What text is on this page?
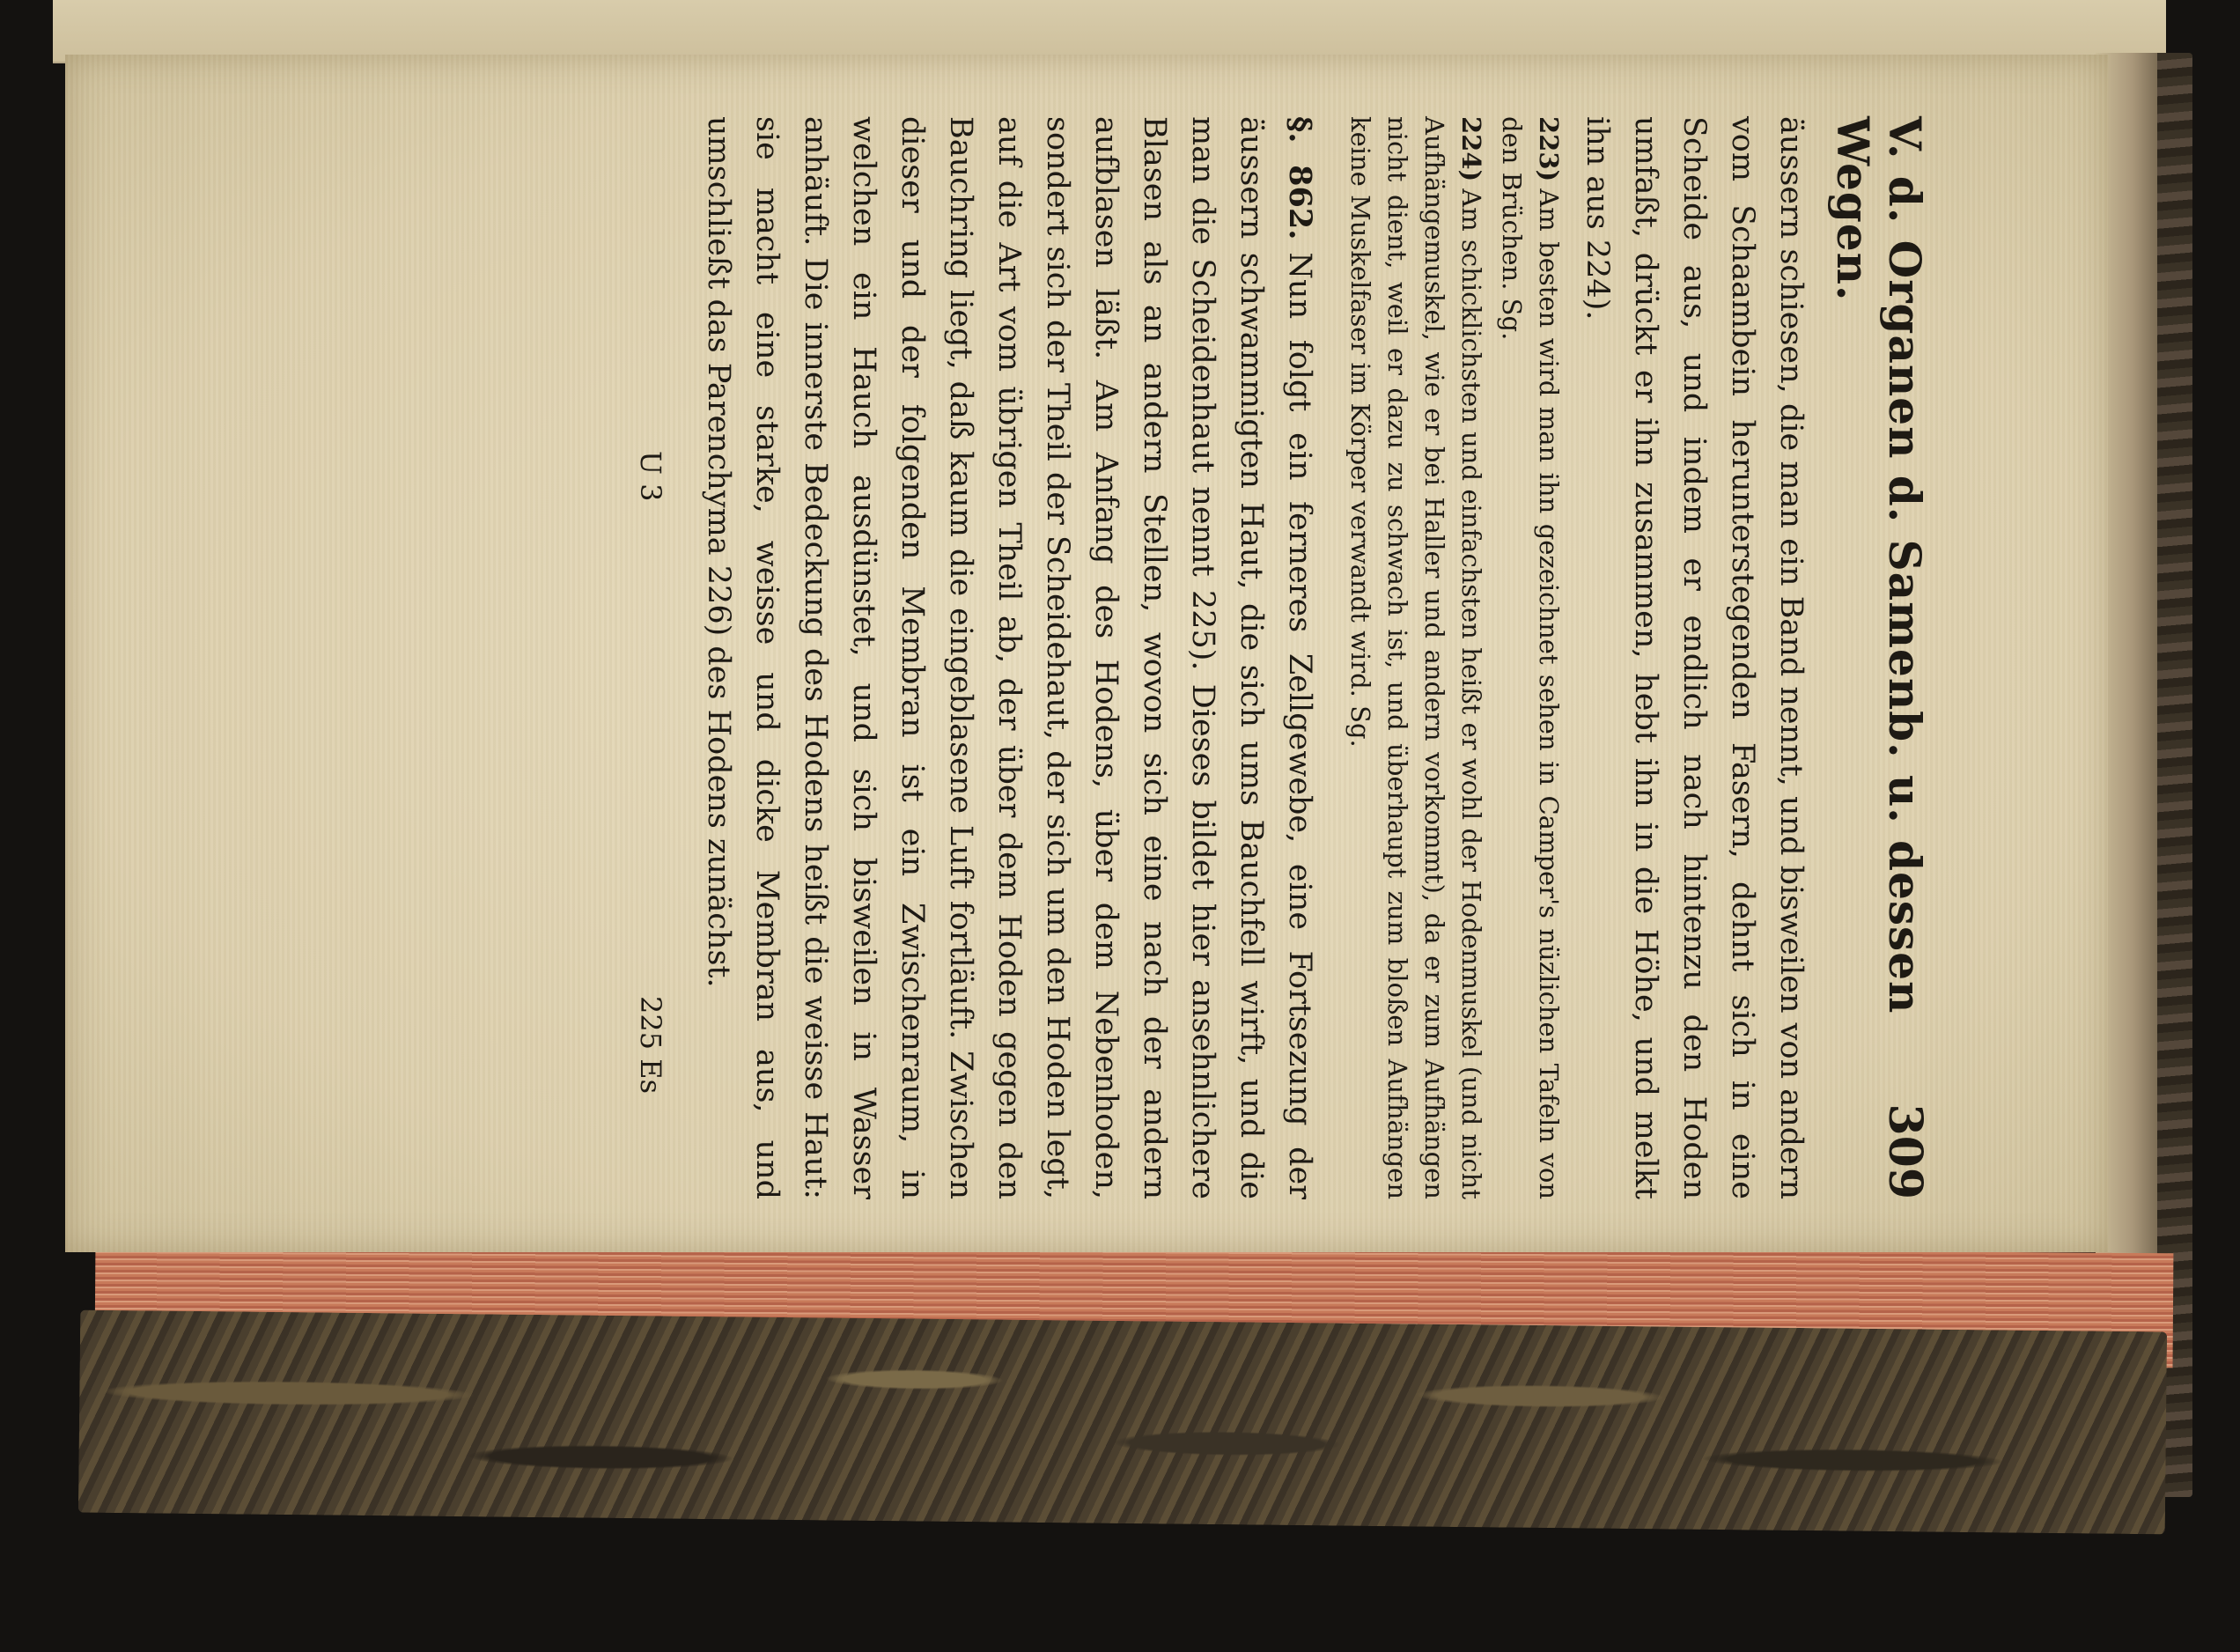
V. d. Organen d. Samenb. u. dessen Wegen.
309

äussern schiesen, die man ein Band nennt, und bisweilen von andern vom Schaambein herunterstegenden Fasern, dehnt sich in eine Scheide aus, und indem er endlich nach hintenzu den Hoden umfaßt, drückt er ihn zusammen, hebt ihn in die Höhe, und melkt ihn aus 224).

223)Am besten wird man ihn gezeichnet sehen in Camper's nüzlichen Tafeln von den Brüchen. Sg.

224)Am schicklichsten und einfachsten heißt er wohl der Hodenmuskel (und nicht Aufhängemuskel, wie er bei Haller und andern vorkommt), da er zum Aufhängen nicht dient, weil er dazu zu schwach ist, und überhaupt zum bloßen Aufhängen keine Muskelfaser im Körper verwandt wird. Sg.

§. 862.Nun folgt ein ferneres Zellgewebe, eine Fortsezung der äussern schwammigten Haut, die sich ums Bauchfell wirft, und die man die Scheidenhaut nennt 225). Dieses bildet hier ansehnlichere Blasen als an andern Stellen, wovon sich eine nach der andern aufblasen läßt. Am Anfang des Hodens, über dem Nebenhoden, sondert sich der Theil der Scheidehaut, der sich um den Hoden legt, auf die Art vom übrigen Theil ab, der über dem Hoden gegen den Bauchring liegt, daß kaum die eingeblasene Luft fortläuft. Zwischen dieser und der folgenden Membran ist ein Zwischenraum, in welchen ein Hauch ausdünstet, und sich bisweilen in Wasser anhäuft. Die innerste Bedeckung des Hodens heißt die weisse Haut: sie macht eine starke, weisse und dicke Membran aus, und umschließt das Parenchyma 226) des Hodens zunächst.

U 3
225 Es
